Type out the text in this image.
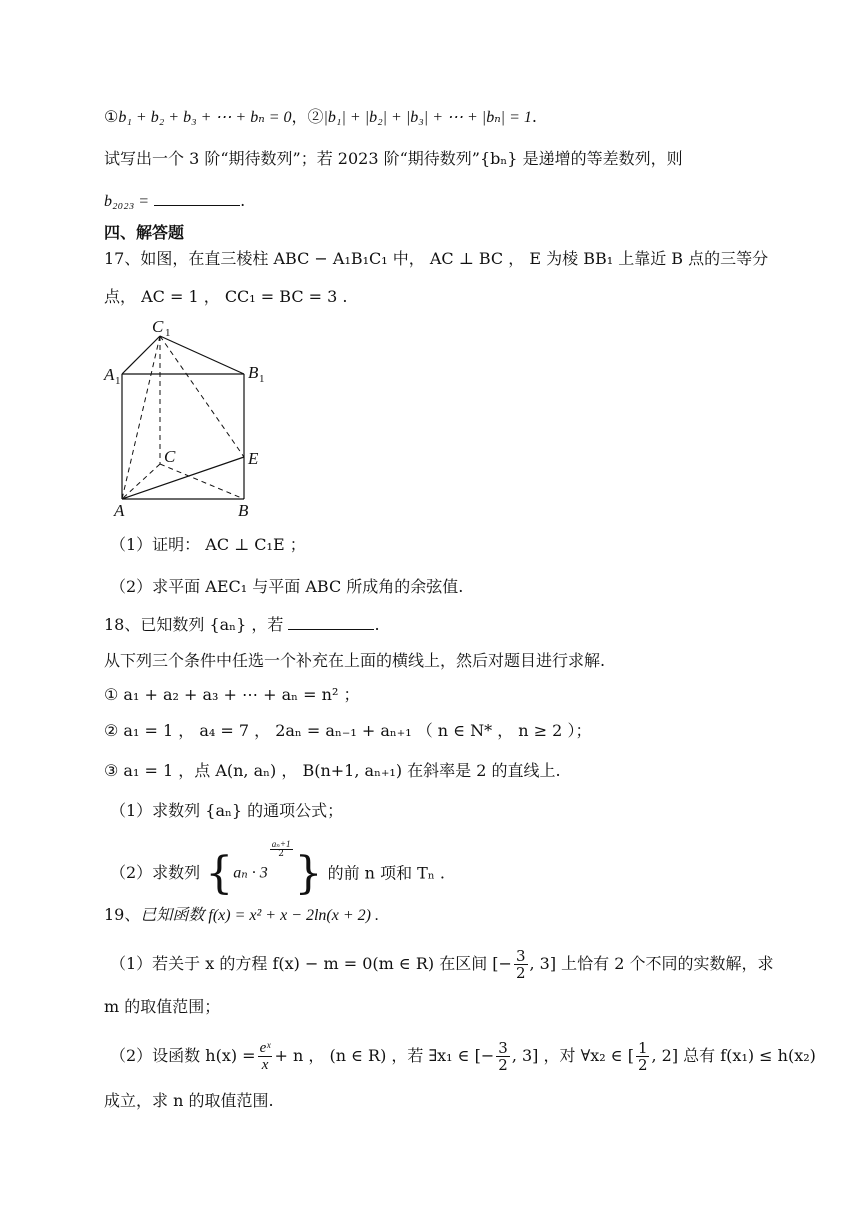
①b₁ + b₂ + b₃ + ⋯ + bₙ = 0，②|b₁| + |b₂| + |b₃| + ⋯ + |bₙ| = 1.
试写出一个 3 阶“期待数列”；若 2023 阶“期待数列”{bₙ} 是递增的等差数列，则
b₂₀₂₃ =	.
四、解答题
17、如图，在直三棱柱 ABC − A₁B₁C₁ 中， AC ⊥ BC ， E 为棱 BB₁ 上靠近 B 点的三等分
点， AC = 1 ， CC₁ = BC = 3 .
C 1
A 1	B 1
C	E
A	B
（1）证明： AC ⊥ C₁E ；
（2）求平面 AEC₁ 与平面 ABC 所成角的余弦值.
18、已知数列 {aₙ} ，若	.
从下列三个条件中任选一个补充在上面的横线上，然后对题目进行求解.
① a₁ + a₂ + a₃ + ⋯ + aₙ = n² ；
② a₁ = 1 ， a₄ = 7 ， 2aₙ = aₙ₋₁ + aₙ₊₁ （ n ∈ N* ， n ≥ 2 ）；
③ a₁ = 1 ，点 A(n, aₙ) ， B(n+1, aₙ₊₁) 在斜率是 2 的直线上.
（1）求数列 {aₙ} 的通项公式；
（2）求数列 {aₙ · 3
$\frac{\text{aₙ+1}}{2}$ } 的前 n 项和 Tₙ .
19、已知函数 f(x) = x² + x − 2ln(x + 2) .
（1）若关于 x 的方程 f(x) − m = 0(m ∈ R) 在区间 [− $\frac{3}{2}$ , 3] 上恰有 2 个不同的实数解，求
m 的取值范围；
（2）设函数 $h(x) = \frac{\text{eˣ}}{x} + n$ ， (n ∈ R) ，若 ∃x₁ ∈ [− $\frac{3}{2}$ , 3] ，对 ∀x₂ ∈ [ $\frac{1}{2}$ , 2] 总有 f(x₁) ≤ h(x₂)
成立，求 n 的取值范围.
